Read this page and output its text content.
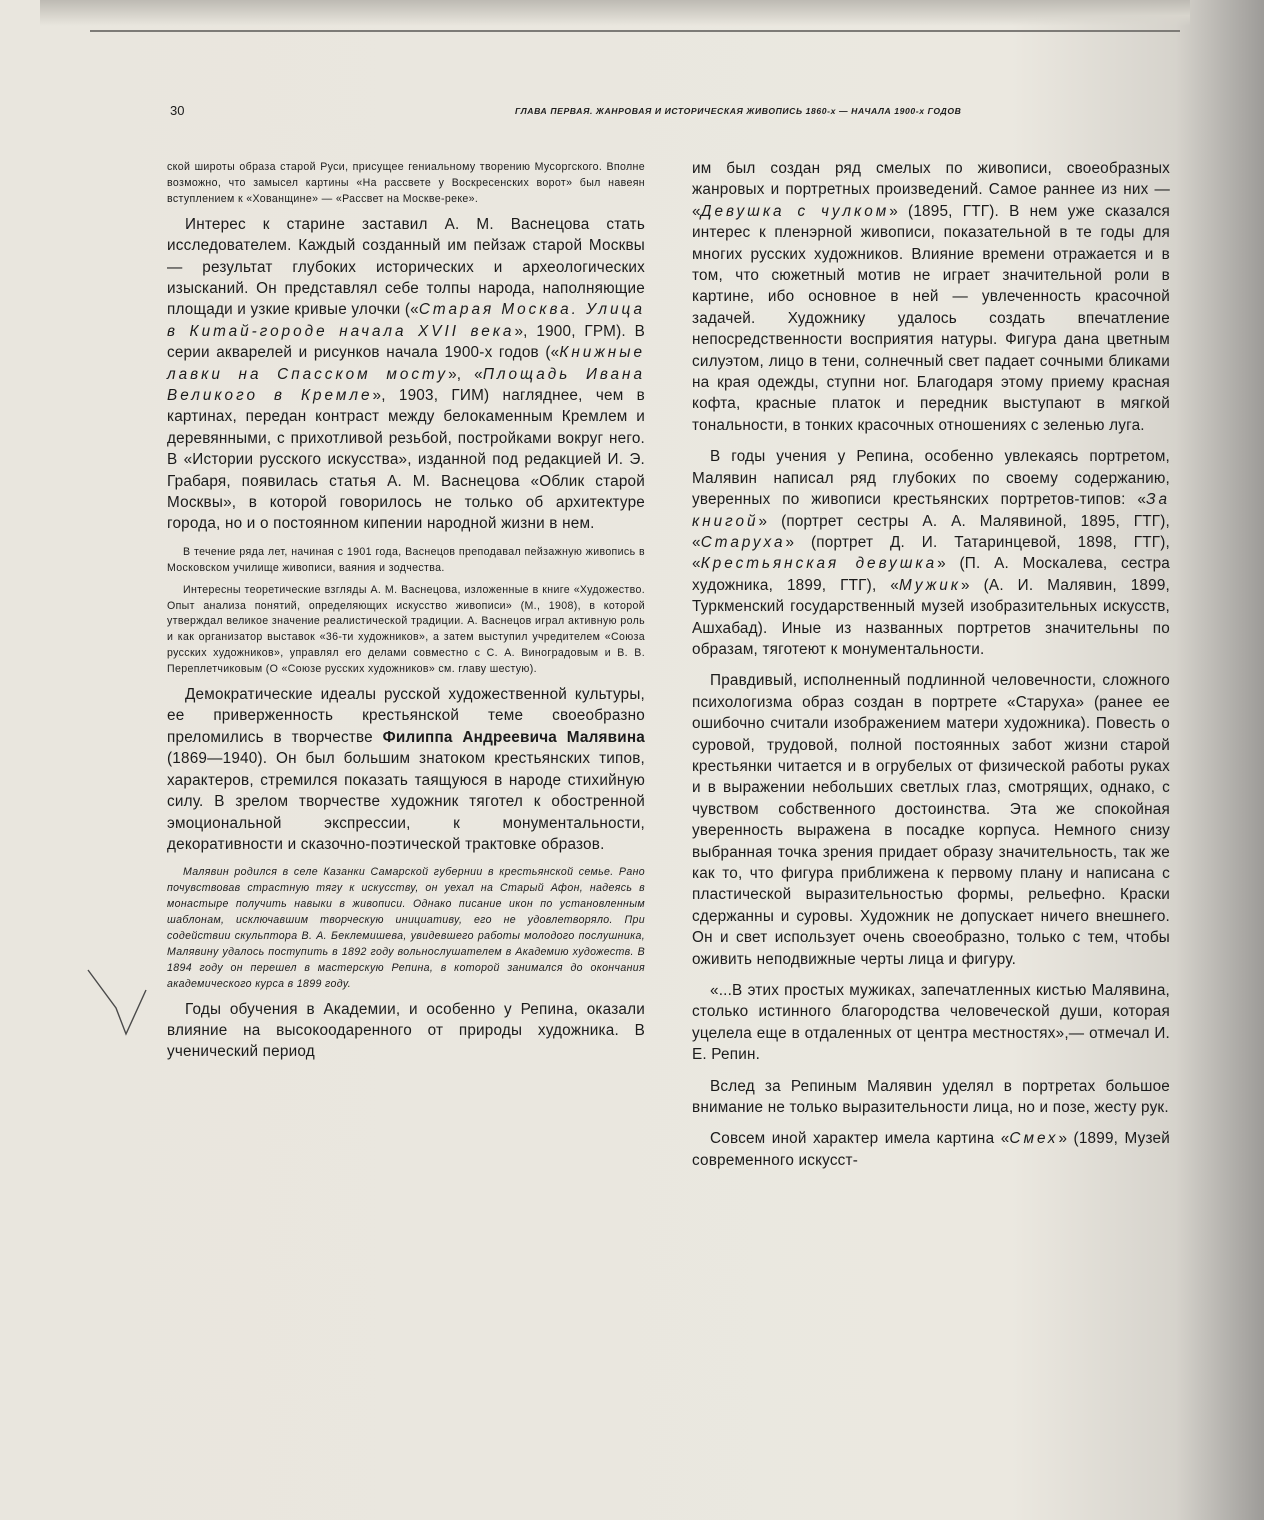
30	ГЛАВА ПЕРВАЯ. ЖАНРОВАЯ И ИСТОРИЧЕСКАЯ ЖИВОПИСЬ 1860-х — НАЧАЛА 1900-х ГОДОВ

ской широты образа старой Руси, присущее гениальному творению Мусоргского. Вполне возможно, что замысел картины «На рассвете у Воскресенских ворот» был навеян вступлением к «Хованщине» — «Рассвет на Москве-реке».

Интерес к старине заставил А. М. Васнецова стать исследователем. Каждый созданный им пейзаж старой Москвы — результат глубоких исторических и археологических изысканий. Он представлял себе толпы народа, наполняющие площади и узкие кривые улочки («Старая Москва. Улица в Китай-городе начала XVII века», 1900, ГРМ). В серии акварелей и рисунков начала 1900-х годов («Книжные лавки на Спасском мосту», «Площадь Ивана Великого в Кремле», 1903, ГИМ) нагляднее, чем в картинах, передан контраст между белокаменным Кремлем и деревянными, с прихотливой резьбой, постройками вокруг него. В «Истории русского искусства», изданной под редакцией И. Э. Грабаря, появилась статья А. М. Васнецова «Облик старой Москвы», в которой говорилось не только об архитектуре города, но и о постоянном кипении народной жизни в нем.

В течение ряда лет, начиная с 1901 года, Васнецов преподавал пейзажную живопись в Московском училище живописи, ваяния и зодчества.

Интересны теоретические взгляды А. М. Васнецова, изложенные в книге «Художество. Опыт анализа понятий, определяющих искусство живописи» (М., 1908), в которой утверждал великое значение реалистической традиции. А. Васнецов играл активную роль и как организатор выставок «36-ти художников», а затем выступил учредителем «Союза русских художников», управлял его делами совместно с С. А. Виноградовым и В. В. Переплетчиковым (О «Союзе русских художников» см. главу шестую).

Демократические идеалы русской художественной культуры, ее приверженность крестьянской теме своеобразно преломились в творчестве Филиппа Андреевича Малявина (1869—1940). Он был большим знатоком крестьянских типов, характеров, стремился показать таящуюся в народе стихийную силу. В зрелом творчестве художник тяготел к обостренной эмоциональной экспрессии, к монументальности, декоративности и сказочно-поэтической трактовке образов.

Малявин родился в селе Казанки Самарской губернии в крестьянской семье. Рано почувствовав страстную тягу к искусству, он уехал на Старый Афон, надеясь в монастыре получить навыки в живописи. Однако писание икон по установленным шаблонам, исключавшим творческую инициативу, его не удовлетворяло. При содействии скульптора В. А. Беклемишева, увидевшего работы молодого послушника, Малявину удалось поступить в 1892 году вольнослушателем в Академию художеств. В 1894 году он перешел в мастерскую Репина, в которой занимался до окончания академического курса в 1899 году.

Годы обучения в Академии, и особенно у Репина, оказали влияние на высокоодаренного от природы художника. В ученический период

им был создан ряд смелых по живописи, своеобразных жанровых и портретных произведений. Самое раннее из них — «Девушка с чулком» (1895, ГТГ). В нем уже сказался интерес к пленэрной живописи, показательной в те годы для многих русских художников. Влияние времени отражается и в том, что сюжетный мотив не играет значительной роли в картине, ибо основное в ней — увлеченность красочной задачей. Художнику удалось создать впечатление непосредственности восприятия натуры. Фигура дана цветным силуэтом, лицо в тени, солнечный свет падает сочными бликами на края одежды, ступни ног. Благодаря этому приему красная кофта, красные платок и передник выступают в мягкой тональности, в тонких красочных отношениях с зеленью луга.

В годы учения у Репина, особенно увлекаясь портретом, Малявин написал ряд глубоких по своему содержанию, уверенных по живописи крестьянских портретов-типов: «За книгой» (портрет сестры А. А. Малявиной, 1895, ГТГ), «Старуха» (портрет Д. И. Татаринцевой, 1898, ГТГ), «Крестьянская девушка» (П. А. Москалева, сестра художника, 1899, ГТГ), «Мужик» (А. И. Малявин, 1899, Туркменский государственный музей изобразительных искусств, Ашхабад). Иные из названных портретов значительны по образам, тяготеют к монументальности.

Правдивый, исполненный подлинной человечности, сложного психологизма образ создан в портрете «Старуха» (ранее ее ошибочно считали изображением матери художника). Повесть о суровой, трудовой, полной постоянных забот жизни старой крестьянки читается и в огрубелых от физической работы руках и в выражении небольших светлых глаз, смотрящих, однако, с чувством собственного достоинства. Эта же спокойная уверенность выражена в посадке корпуса. Немного снизу выбранная точка зрения придает образу значительность, так же как то, что фигура приближена к первому плану и написана с пластической выразительностью формы, рельефно. Краски сдержанны и суровы. Художник не допускает ничего внешнего. Он и свет использует очень своеобразно, только с тем, чтобы оживить неподвижные черты лица и фигуру.

«...В этих простых мужиках, запечатленных кистью Малявина, столько истинного благородства человеческой души, которая уцелела еще в отдаленных от центра местностях»,— отмечал И. Е. Репин.

Вслед за Репиным Малявин уделял в портретах большое внимание не только выразительности лица, но и позе, жесту рук.

Совсем иной характер имела картина «Смех» (1899, Музей современного искусст-
